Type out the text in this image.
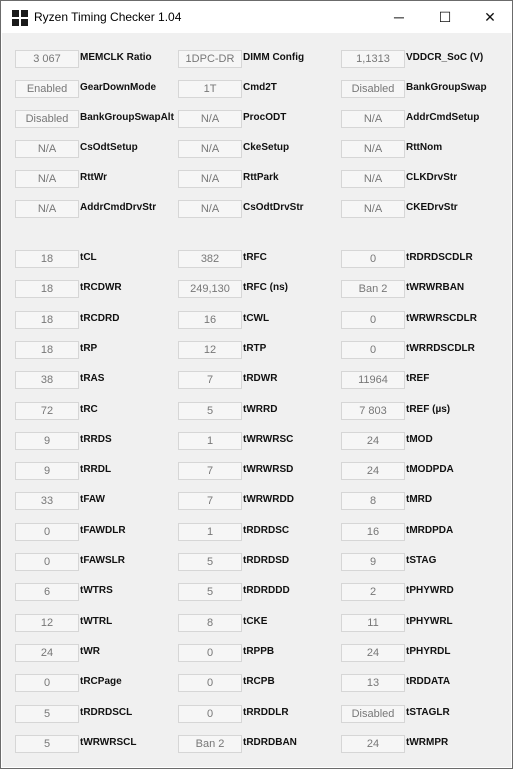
Ryzen Timing Checker 1.04	─ ☐ ✕
3 067	MEMCLK Ratio	1DPC-DR DIMM Config	1,1313	VDDCR_SoC (V)
Enabled	GearDownMode	1T	Cmd2T	Disabled	BankGroupSwap
Disabled	BankGroupSwapAlt	N/A	ProcODT	N/A	AddrCmdSetup
N/A	CsOdtSetup	N/A	CkeSetup	N/A	RttNom
N/A	RttWr	N/A	RttPark	N/A	CLKDrvStr
N/A	AddrCmdDrvStr	N/A	CsOdtDrvStr	N/A	CKEDrvStr
18	tCL	382	tRFC	0	tRDRDSCDLR
18	tRCDWR	249,130	tRFC (ns)	Ban 2	tWRWRBAN
18	tRCDRD	16	tCWL	0	tWRWRSCDLR
18	tRP	12	tRTP	0	tWRRDSCDLR
38	tRAS	7	tRDWR	11964	tREF
72	tRC	5	tWRRD	7 803	tREF (µs)
9	tRRDS	1	tWRWRSC	24	tMOD
9	tRRDL	7	tWRWRSD	24	tMODPDA
33	tFAW	7	tWRWRDD	8	tMRD
0	tFAWDLR	1	tRDRDSC	16	tMRDPDA
0	tFAWSLR	5	tRDRDSD	9	tSTAG
6	tWTRS	5	tRDRDDD	2	tPHYWRD
12	tWTRL	8	tCKE	11	tPHYWRL
24	tWR	0	tRPPB	24	tPHYRDL
0	tRCPage	0	tRCPB	13	tRDDATA
5	tRDRDSCL	0	tRRDDLR	Disabled	tSTAGLR
5	tWRWRSCL	Ban 2	tRDRDBAN	24	tWRMPR
